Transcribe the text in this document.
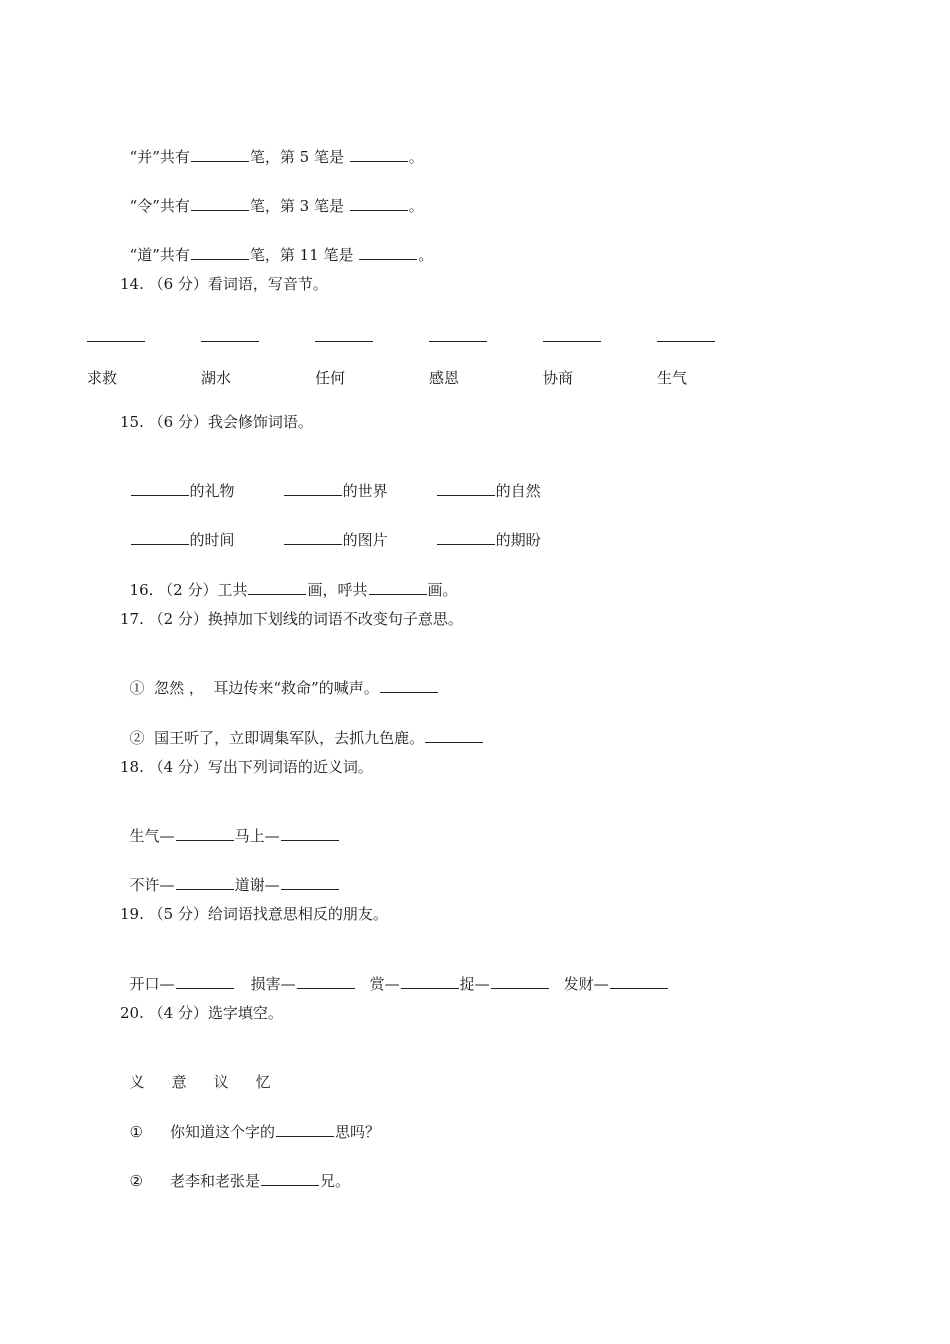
“并”共有	笔，第 5 笔是	。

“令”共有	笔，第 3 笔是	。

“道”共有	笔，第 11 笔是	。

14. （6 分）看词语，写音节。
求救	湖水	任何	感恩	协商	生气
15. （6 分）我会修饰词语。

的礼物	的世界	的自然

的时间	的图片	的期盼

16. （2 分）工共	画，呼共	画。

17. （2 分）换掉加下划线的词语不改变句子意思。

①  忽然 ，  耳边传来“救命”的喊声。

②  国王听了，立即调集军队，去抓九色鹿。

18. （4 分）写出下列词语的近义词。

生气—	马上—

不许—	道谢—

19. （5 分）给词语找意思相反的朋友。

开口—	损害—	赏—	捉—	发财—

20. （4 分）选字填空。

义 意 议 忆

① 你知道这个字的	思吗？

② 老李和老张是	兄。
